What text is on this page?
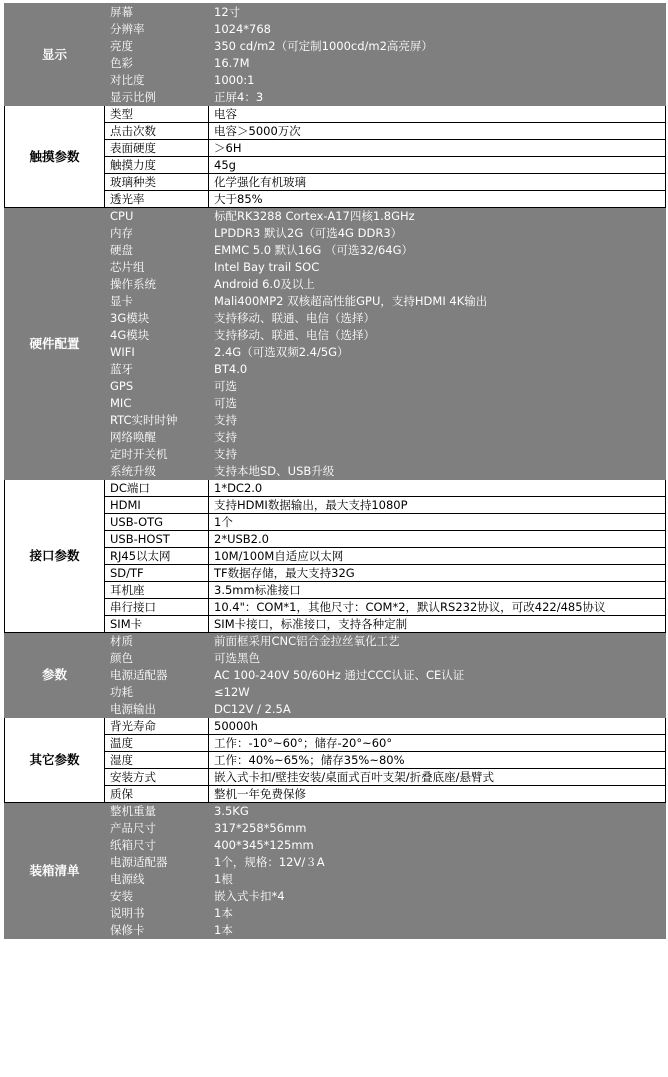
显示	屏幕	12寸
	分辨率	1024*768
	亮度	350 cd/m2（可定制1000cd/m2高亮屏）
	色彩	16.7M
	对比度	1000:1
	显示比例	正屏4：3
触摸参数	类型	电容
	点击次数	电容＞5000万次
	表面硬度	＞6H
	触摸力度	45g
	玻璃种类	化学强化有机玻璃
	透光率	大于85%
硬件配置	CPU	标配RK3288 Cortex-A17四核1.8GHz
	内存	LPDDR3 默认2G（可选4G DDR3）
	硬盘	EMMC 5.0 默认16G （可选32/64G）
	芯片组	Intel Bay trail SOC
	操作系统	Android 6.0及以上
	显卡	Mali400MP2 双核超高性能GPU，支持HDMI 4K输出
	3G模块	支持移动、联通、电信（选择）
	4G模块	支持移动、联通、电信（选择）
	WIFI	2.4G（可选双频2.4/5G）
	蓝牙	BT4.0
	GPS	可选
	MIC	可选
	RTC实时时钟	支持
	网络唤醒	支持
	定时开关机	支持
	系统升级	支持本地SD、USB升级
接口参数	DC端口	1*DC2.0
	HDMI	支持HDMI数据输出，最大支持1080P
	USB-OTG	1个
	USB-HOST	2*USB2.0
	RJ45以太网	10M/100M自适应以太网
	SD/TF	TF数据存储，最大支持32G
	耳机座	3.5mm标准接口
	串行接口	10.4"：COM*1，其他尺寸：COM*2，默认RS232协议，可改422/485协议
	SIM卡	SIM卡接口，标准接口，支持各种定制
参数	材质	前面框采用CNC铝合金拉丝氧化工艺
	颜色	可选黑色
	电源适配器	AC 100-240V 50/60Hz 通过CCC认证、CE认证
	功耗	≤12W
	电源输出	DC12V / 2.5A
其它参数	背光寿命	50000h
	温度	工作：-10°~60°；储存-20°~60°
	湿度	工作：40%~65%；储存35%~80%
	安装方式	嵌入式卡扣/壁挂安装/桌面式百叶支架/折叠底座/悬臂式
	质保	整机一年免费保修
装箱清单	整机重量	3.5KG
	产品尺寸	317*258*56mm
	纸箱尺寸	400*345*125mm
	电源适配器	1个，规格：12V/３A
	电源线	1根
	安装	嵌入式卡扣*4
	说明书	1本
	保修卡	1本
